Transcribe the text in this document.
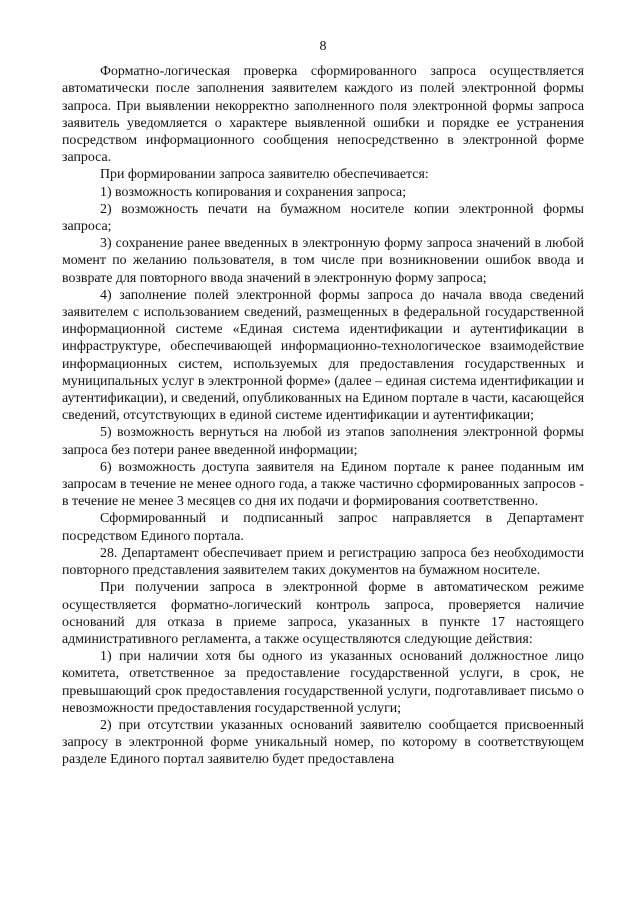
8

Форматно-логическая проверка сформированного запроса осуществляется автоматически после заполнения заявителем каждого из полей электронной формы запроса. При выявлении некорректно заполненного поля электронной формы запроса заявитель уведомляется о характере выявленной ошибки и порядке ее устранения посредством информационного сообщения непосредственно в электронной форме запроса.

При формировании запроса заявителю обеспечивается:

1) возможность копирования и сохранения запроса;

2) возможность печати на бумажном носителе копии электронной формы запроса;

3) сохранение ранее введенных в электронную форму запроса значений в любой момент по желанию пользователя, в том числе при возникновении ошибок ввода и возврате для повторного ввода значений в электронную форму запроса;

4) заполнение полей электронной формы запроса до начала ввода сведений заявителем с использованием сведений, размещенных в федеральной государственной информационной системе «Единая система идентификации и аутентификации в инфраструктуре, обеспечивающей информационно-технологическое взаимодействие информационных систем, используемых для предоставления государственных и муниципальных услуг в электронной форме» (далее – единая система идентификации и аутентификации), и сведений, опубликованных на Едином портале в части, касающейся сведений, отсутствующих в единой системе идентификации и аутентификации;

5) возможность вернуться на любой из этапов заполнения электронной формы запроса без потери ранее введенной информации;

6) возможность доступа заявителя на Едином портале к ранее поданным им запросам в течение не менее одного года, а также частично сформированных запросов - в течение не менее 3 месяцев со дня их подачи и формирования соответственно.

Сформированный и подписанный запрос направляется в Департамент посредством Единого портала.

28. Департамент обеспечивает прием и регистрацию запроса без необходимости повторного представления заявителем таких документов на бумажном носителе.

При получении запроса в электронной форме в автоматическом режиме осуществляется форматно-логический контроль запроса, проверяется наличие оснований для отказа в приеме запроса, указанных в пункте 17 настоящего административного регламента, а также осуществляются следующие действия:

1) при наличии хотя бы одного из указанных оснований должностное лицо комитета, ответственное за предоставление государственной услуги, в срок, не превышающий срок предоставления государственной услуги, подготавливает письмо о невозможности предоставления государственной услуги;

2) при отсутствии указанных оснований заявителю сообщается присвоенный запросу в электронной форме уникальный номер, по которому в соответствующем разделе Единого портал заявителю будет предоставлена
